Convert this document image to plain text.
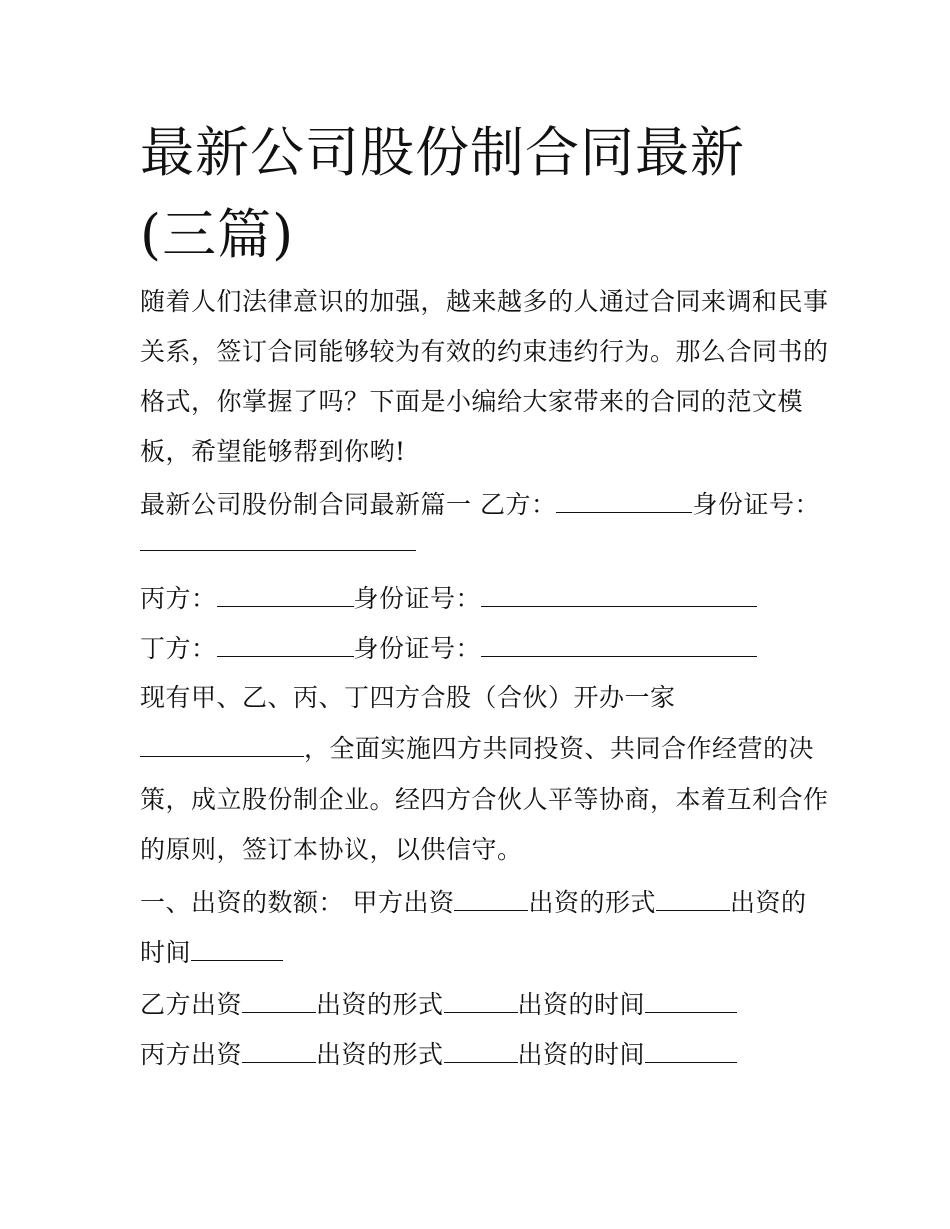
最新公司股份制合同最新(三篇)

随着人们法律意识的加强，越来越多的人通过合同来调和民事

关系，签订合同能够较为有效的约束违约行为。那么合同书的

格式，你掌握了吗？下面是小编给大家带来的合同的范文模

板，希望能够帮到你哟!

最新公司股份制合同最新篇一 乙方：	身份证号：

丙方：	身份证号：

丁方：	身份证号：

现有甲、乙、丙、丁四方合股（合伙）开办一家

，全面实施四方共同投资、共同合作经营的决

策，成立股份制企业。经四方合伙人平等协商，本着互利合作

的原则，签订本协议，以供信守。

一、出资的数额： 甲方出资	出资的形式	出资的

时间

乙方出资	出资的形式	出资的时间

丙方出资	出资的形式	出资的时间
